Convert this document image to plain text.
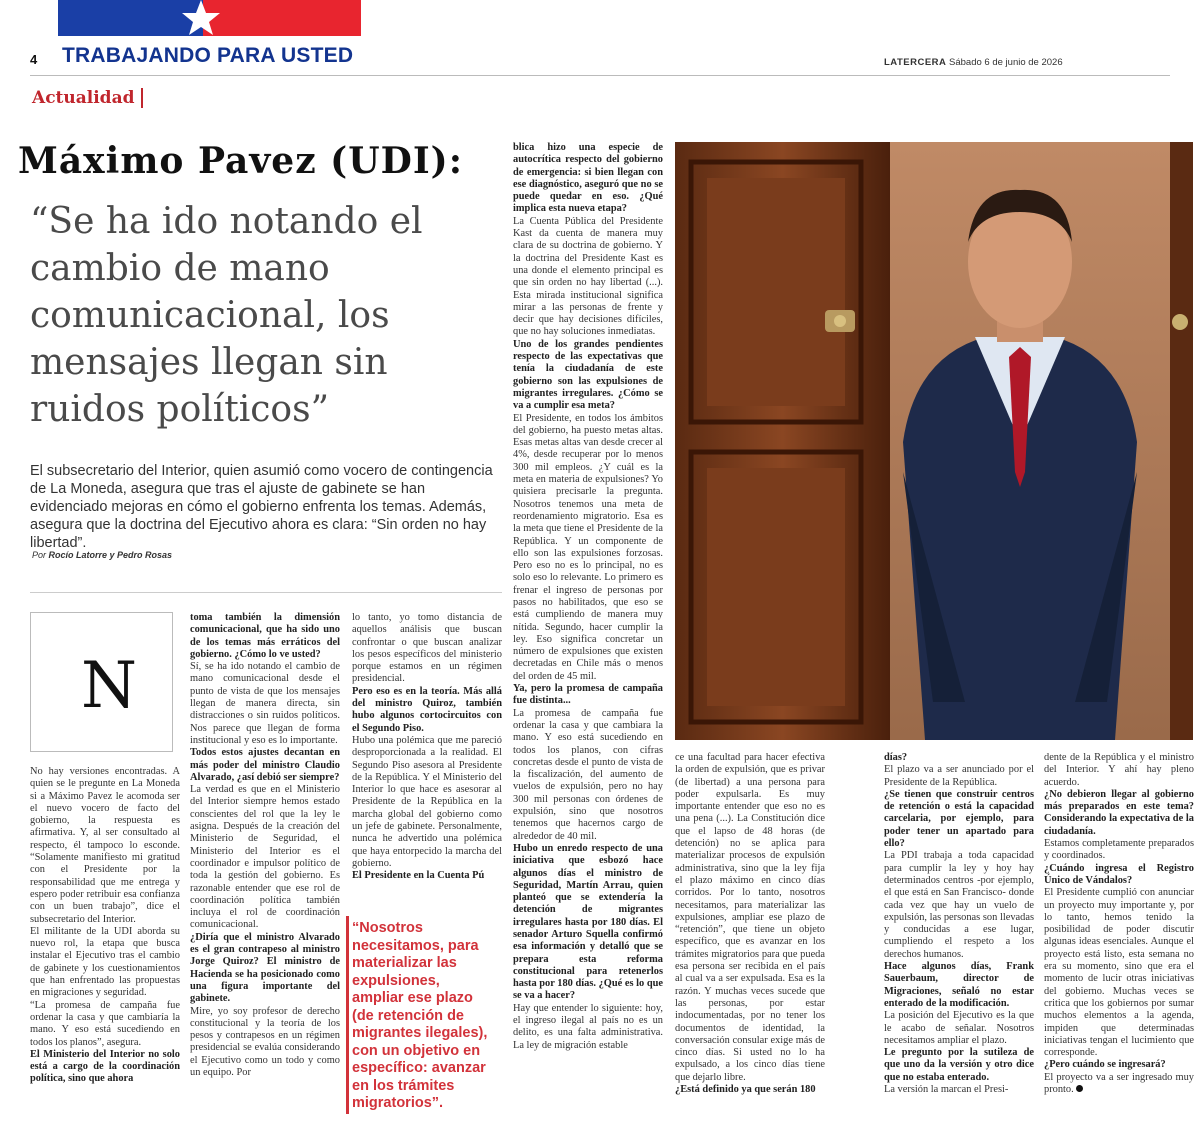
4 TRABAJANDO PARA USTED	LATERCERA Sábado 6 de junio de 2026
Actualidad
Máximo Pavez (UDI):
“Se ha ido notando el cambio de mano comunicacional, los mensajes llegan sin ruidos políticos”
El subsecretario del Interior, quien asumió como vocero de contingencia de La Moneda, asegura que tras el ajuste de gabinete se han evidenciado mejoras en cómo el gobierno enfrenta los temas. Además, asegura que la doctrina del Ejecutivo ahora es clara: “Sin orden no hay libertad”.
Por Rocío Latorre y Pedro Rosas
N

No hay versiones encontradas. A quien se le pregunte en La Moneda si a Máximo Pavez le acomoda ser el nuevo vocero de facto del gobierno, la respuesta es afirmativa. Y, al ser consultado al respecto, él tampoco lo esconde. “Solamente manifiesto mi gratitud con el Presidente por la responsabilidad que me entrega y espero poder retribuir esa confianza con un buen trabajo”, dice el subsecretario del Interior.

El militante de la UDI aborda su nuevo rol, la etapa que busca instalar el Ejecutivo tras el cambio de gabinete y los cuestionamientos que han enfrentado las propuestas en migraciones y seguridad.

“La promesa de campaña fue ordenar la casa y que cambiaría la mano. Y eso está sucediendo en todos los planos”, asegura.

El Ministerio del Interior no solo está a cargo de la coordinación política, sino que ahora

toma también la dimensión comunicacional, que ha sido uno de los temas más erráticos del gobierno. ¿Cómo lo ve usted?

Sí, se ha ido notando el cambio de mano comunicacional desde el punto de vista de que los mensajes llegan de manera directa, sin distracciones o sin ruidos políticos. Nos parece que llegan de forma institucional y eso es lo importante.

Todos estos ajustes decantan en más poder del ministro Claudio Alvarado, ¿así debió ser siempre?

La verdad es que en el Ministerio del Interior siempre hemos estado conscientes del rol que la ley le asigna. Después de la creación del Ministerio de Seguridad, el Ministerio del Interior es el coordinador e impulsor político de toda la gestión del gobierno. Es razonable entender que ese rol de coordinación política también incluya el rol de coordinación comunicacional.

¿Diría que el ministro Alvarado es el gran contrapeso al ministro Jorge Quiroz? El ministro de Hacienda se ha posicionado como una figura importante del gabinete.

Mire, yo soy profesor de derecho constitucional y la teoría de los pesos y contrapesos en un régimen presidencial se evalúa considerando el Ejecutivo como un todo y como un equipo. Por

lo tanto, yo tomo distancia de aquellos análisis que buscan confrontar o que buscan analizar los pesos específicos del ministerio porque estamos en un régimen presidencial.

Pero eso es en la teoría. Más allá del ministro Quiroz, también hubo algunos cortocircuitos con el Segundo Piso.

Hubo una polémica que me pareció desproporcionada a la realidad. El Segundo Piso asesora al Presidente de la República. Y el Ministerio del Interior lo que hace es asesorar al Presidente de la República en la marcha global del gobierno como un jefe de gabinete. Personalmente, nunca he advertido una polémica que haya entorpecido la marcha del gobierno.

El Presidente en la Cuenta Pú

blica hizo una especie de autocrítica respecto del gobierno de emergencia: si bien llegan con ese diagnóstico, aseguró que no se puede quedar en eso. ¿Qué implica esta nueva etapa?

La Cuenta Pública del Presidente Kast da cuenta de manera muy clara de su doctrina de gobierno. Y la doctrina del Presidente Kast es una donde el elemento principal es que sin orden no hay libertad (...). Esta mirada institucional significa mirar a las personas de frente y decir que hay decisiones difíciles, que no hay soluciones inmediatas.

Uno de los grandes pendientes respecto de las expectativas que tenía la ciudadanía de este gobierno son las expulsiones de migrantes irregulares. ¿Cómo se va a cumplir esa meta?

El Presidente, en todos los ámbitos del gobierno, ha puesto metas altas. Esas metas altas van desde crecer al 4%, desde recuperar por lo menos 300 mil empleos. ¿Y cuál es la meta en materia de expulsiones? Yo quisiera precisarle la pregunta. Nosotros tenemos una meta de reordenamiento migratorio. Esa es la meta que tiene el Presidente de la República. Y un componente de ello son las expulsiones forzosas. Pero eso no es lo principal, no es solo eso lo relevante. Lo primero es frenar el ingreso de personas por pasos no habilitados, que eso se está cumpliendo de manera muy nítida. Segundo, hacer cumplir la ley. Eso significa concretar un número de expulsiones que existen decretadas en Chile más o menos del orden de 45 mil.

Ya, pero la promesa de campaña fue distinta...

La promesa de campaña fue ordenar la casa y que cambiara la mano. Y eso está sucediendo en todos los planos, con cifras concretas desde el punto de vista de la fiscalización, del aumento de vuelos de expulsión, pero no hay 300 mil personas con órdenes de expulsión, sino que nosotros tenemos que hacernos cargo de alrededor de 40 mil.

Hubo un enredo respecto de una iniciativa que esbozó hace algunos días el ministro de Seguridad, Martín Arrau, quien planteó que se extendería la detención de migrantes irregulares hasta por 180 días. El senador Arturo Squella confirmó esa información y detalló que se prepara esta reforma constitucional para retenerlos hasta por 180 días. ¿Qué es lo que se va a hacer?

Hay que entender lo siguiente: hoy, el ingreso ilegal al país no es un delito, es una falta administrativa. La ley de migración estable

ce una facultad para hacer efectiva la orden de expulsión, que es privar (de libertad) a una persona para poder expulsarla. Es muy importante entender que eso no es una pena (...). La Constitución dice que el lapso de 48 horas (de detención) no se aplica para materializar procesos de expulsión administrativa, sino que la ley fija el plazo máximo en cinco días corridos. Por lo tanto, nosotros necesitamos, para materializar las expulsiones, ampliar ese plazo de “retención”, que tiene un objeto específico, que es avanzar en los trámites migratorios para que pueda esa persona ser recibida en el país al cual va a ser expulsada. Esa es la razón. Y muchas veces sucede que las personas, por estar indocumentadas, por no tener los documentos de identidad, la conversación consular exige más de cinco días. Si usted no lo ha expulsado, a los cinco días tiene que dejarlo libre.

¿Está definido ya que serán 180

días?

El plazo va a ser anunciado por el Presidente de la República.

¿Se tienen que construir centros de retención o está la capacidad carcelaria, por ejemplo, para poder tener un apartado para ello?

La PDI trabaja a toda capacidad para cumplir la ley y hoy hay determinados centros -por ejemplo, el que está en San Francisco- donde cada vez que hay un vuelo de expulsión, las personas son llevadas y conducidas a ese lugar, cumpliendo el respeto a los derechos humanos.

Hace algunos días, Frank Sauerbaum, director de Migraciones, señaló no estar enterado de la modificación.

La posición del Ejecutivo es la que le acabo de señalar. Nosotros necesitamos ampliar el plazo.

Le pregunto por la sutileza de que uno da la versión y otro dice que no estaba enterado.

La versión la marcan el Presi-

dente de la República y el ministro del Interior. Y ahí hay pleno acuerdo.

¿No debieron llegar al gobierno más preparados en este tema? Considerando la expectativa de la ciudadanía.

Estamos completamente preparados y coordinados.

¿Cuándo ingresa el Registro Único de Vándalos?

El Presidente cumplió con anunciar un proyecto muy importante y, por lo tanto, hemos tenido la posibilidad de poder discutir algunas ideas esenciales. Aunque el proyecto está listo, esta semana no era su momento, sino que era el momento de lucir otras iniciativas del gobierno. Muchas veces se critica que los gobiernos por sumar muchos elementos a la agenda, impiden que determinadas iniciativas tengan el lucimiento que corresponde.

¿Pero cuándo se ingresará?

El proyecto va a ser ingresado muy pronto.

“Nosotros necesitamos, para materializar las expulsiones, ampliar ese plazo (de retención de migrantes ilegales), con un objetivo en específico: avanzar en los trámites migratorios”.
